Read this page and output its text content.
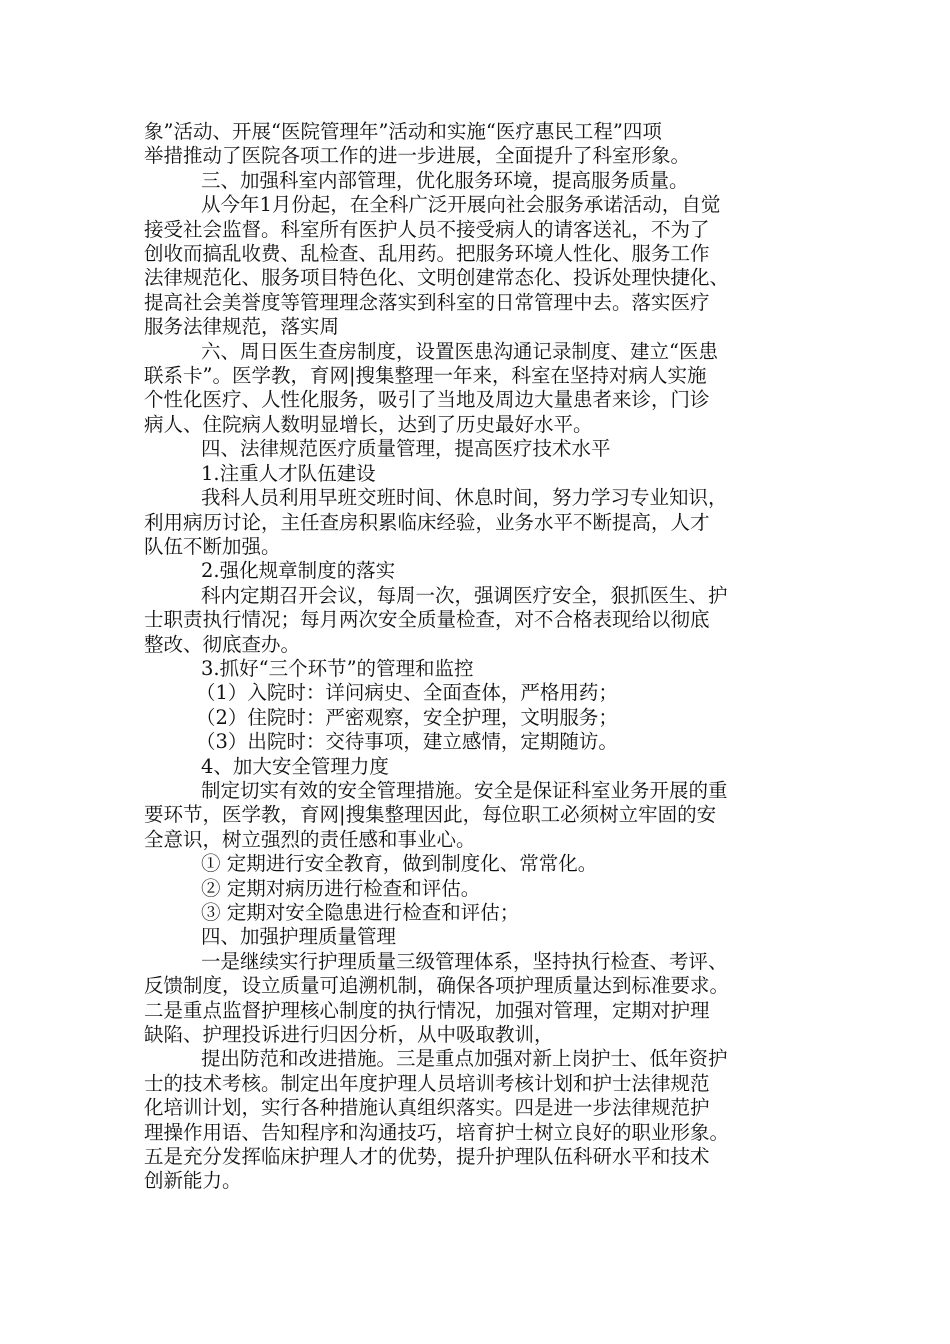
象”活动、开展“医院管理年”活动和实施“医疗惠民工程”四项

举措推动了医院各项工作的进一步进展，全面提升了科室形象。

三、加强科室内部管理，优化服务环境，提高服务质量。

从今年1月份起，在全科广泛开展向社会服务承诺活动，自觉

接受社会监督。科室所有医护人员不接受病人的请客送礼，不为了

创收而搞乱收费、乱检查、乱用药。把服务环境人性化、服务工作

法律规范化、服务项目特色化、文明创建常态化、投诉处理快捷化、

提高社会美誉度等管理理念落实到科室的日常管理中去。落实医疗

服务法律规范，落实周

六、周日医生查房制度，设置医患沟通记录制度、建立“医患

联系卡”。医学教，育网|搜集整理一年来，科室在坚持对病人实施

个性化医疗、人性化服务，吸引了当地及周边大量患者来诊，门诊

病人、住院病人数明显增长，达到了历史最好水平。

四、法律规范医疗质量管理，提高医疗技术水平

1.注重人才队伍建设

我科人员利用早班交班时间、休息时间，努力学习专业知识，

利用病历讨论，主任查房积累临床经验，业务水平不断提高，人才

队伍不断加强。

2.强化规章制度的落实

科内定期召开会议，每周一次，强调医疗安全，狠抓医生、护

士职责执行情况；每月两次安全质量检查，对不合格表现给以彻底

整改、彻底查办。

3.抓好“三个环节”的管理和监控

（1）入院时：详问病史、全面查体，严格用药；

（2）住院时：严密观察，安全护理，文明服务；

（3）出院时：交待事项，建立感情，定期随访。

4、加大安全管理力度

制定切实有效的安全管理措施。安全是保证科室业务开展的重

要环节，医学教，育网|搜集整理因此，每位职工必须树立牢固的安

全意识，树立强烈的责任感和事业心。

① 定期进行安全教育，做到制度化、常常化。

② 定期对病历进行检查和评估。

③ 定期对安全隐患进行检查和评估；

四、加强护理质量管理

一是继续实行护理质量三级管理体系，坚持执行检查、考评、

反馈制度，设立质量可追溯机制，确保各项护理质量达到标准要求。

二是重点监督护理核心制度的执行情况，加强对管理，定期对护理

缺陷、护理投诉进行归因分析，从中吸取教训，

提出防范和改进措施。三是重点加强对新上岗护士、低年资护

士的技术考核。制定出年度护理人员培训考核计划和护士法律规范

化培训计划，实行各种措施认真组织落实。四是进一步法律规范护

理操作用语、告知程序和沟通技巧，培育护士树立良好的职业形象。

五是充分发挥临床护理人才的优势，提升护理队伍科研水平和技术

创新能力。
